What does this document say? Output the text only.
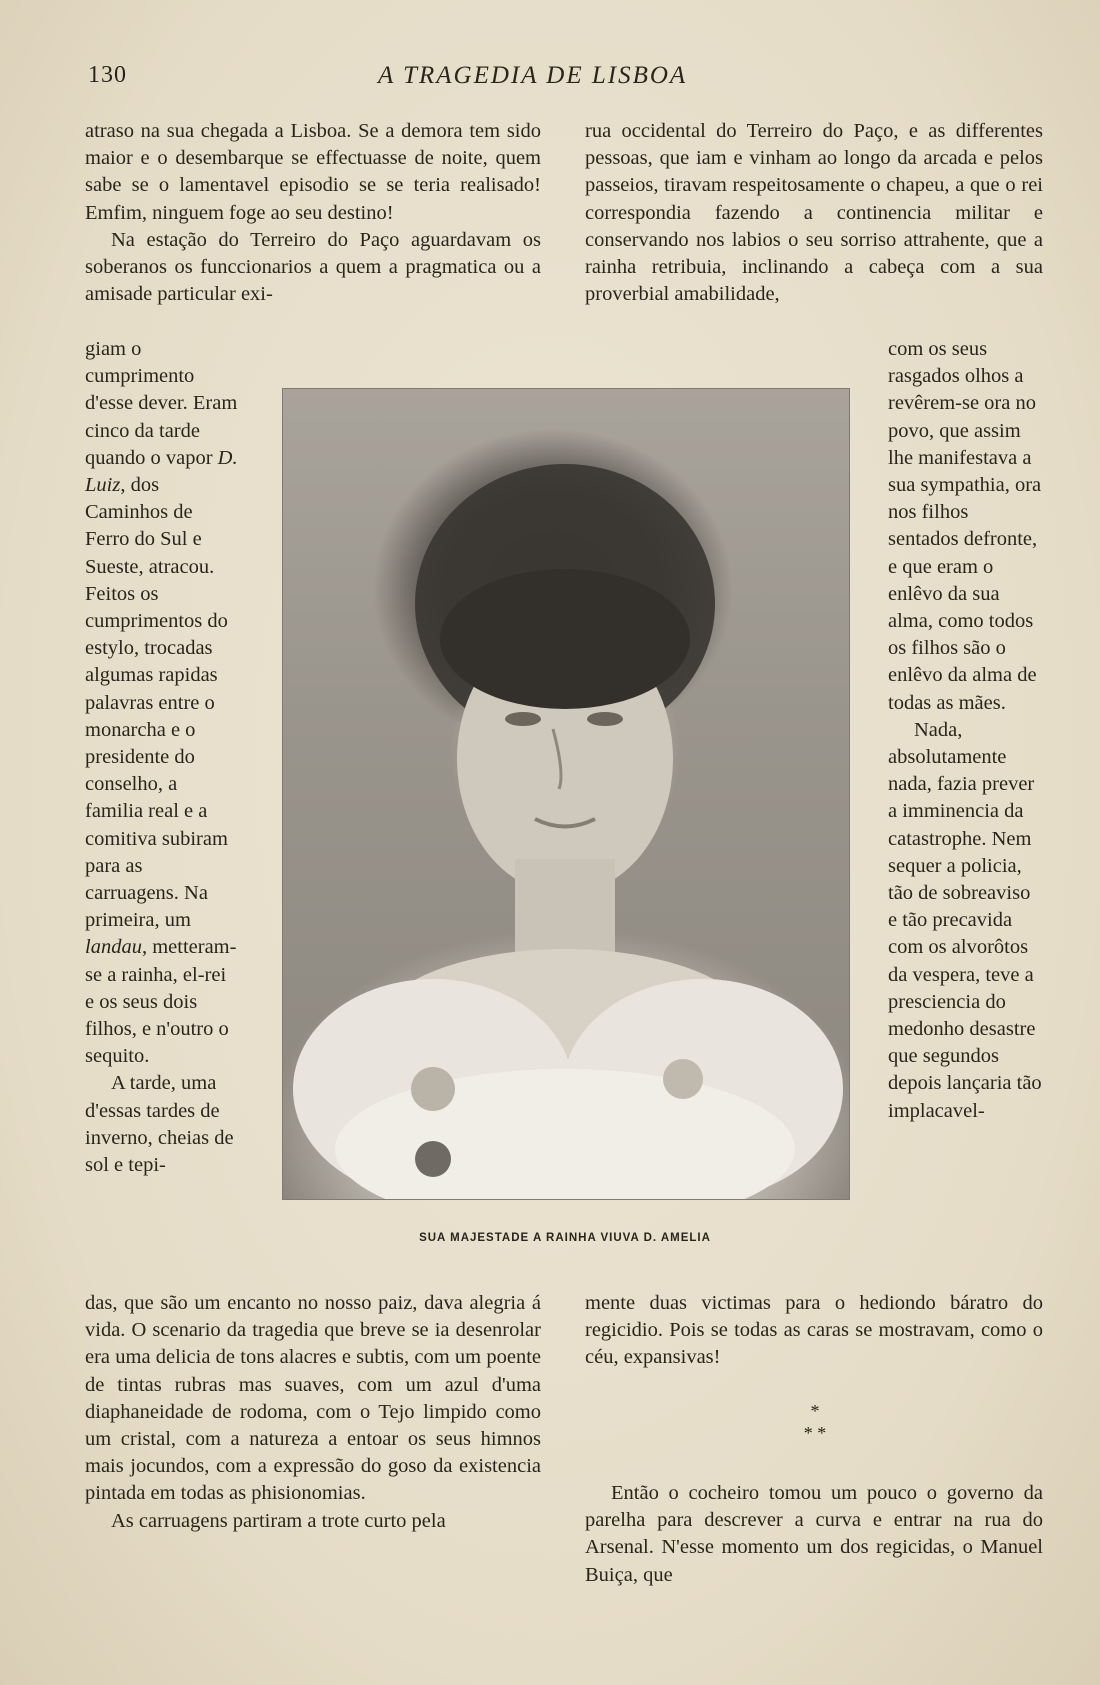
130	A TRAGEDIA DE LISBOA

atraso na sua chegada a Lisboa. Se a demora tem sido maior e o desembarque se effectuasse de noite, quem sabe se o lamentavel episodio se se teria realisado! Emfim, ninguem foge ao seu destino!

Na estação do Terreiro do Paço aguardavam os soberanos os funccionarios a quem a pragmatica ou a amisade particular exi-

giam o cumprimento d'esse dever. Eram cinco da tarde quando o vapor D. Luiz, dos Caminhos de Ferro do Sul e Sueste, atracou. Feitos os cumprimentos do estylo, trocadas algumas rapidas palavras entre o monarcha e o presidente do conselho, a familia real e a comitiva subiram para as carruagens. Na primeira, um landau, metteram-se a rainha, el-rei e os seus dois filhos, e n'outro o sequito.

A tarde, uma d'essas tardes de inverno, cheias de sol e tepi-

SUA MAJESTADE A RAINHA VIUVA D. AMELIA

rua occidental do Terreiro do Paço, e as differentes pessoas, que iam e vinham ao longo da arcada e pelos passeios, tiravam respeitosamente o chapeu, a que o rei correspondia fazendo a continencia militar e conservando nos labios o seu sorriso attrahente, que a rainha retribuia, inclinando a cabeça com a sua proverbial amabilidade,

com os seus rasgados olhos a revêrem-se ora no povo, que assim lhe manifestava a sua sympathia, ora nos filhos sentados defronte, e que eram o enlêvo da sua alma, como todos os filhos são o enlêvo da alma de todas as mães.

Nada, absolutamente nada, fazia prever a imminencia da catastrophe. Nem sequer a policia, tão de sobreaviso e tão precavida com os alvorôtos da vespera, teve a presciencia do medonho desastre que segundos depois lançaria tão implacavel-

das, que são um encanto no nosso paiz, dava alegria á vida. O scenario da tragedia que breve se ia desenrolar era uma delicia de tons alacres e subtis, com um poente de tintas rubras mas suaves, com um azul d'uma diaphaneidade de rodoma, com o Tejo limpido como um cristal, com a natureza a entoar os seus himnos mais jocundos, com a expressão do goso da existencia pintada em todas as phisionomias.

As carruagens partiram a trote curto pela

mente duas victimas para o hediondo báratro do regicidio. Pois se todas as caras se mostravam, como o céu, expansivas!

*
* *

Então o cocheiro tomou um pouco o governo da parelha para descrever a curva e entrar na rua do Arsenal. N'esse momento um dos regicidas, o Manuel Buiça, que
